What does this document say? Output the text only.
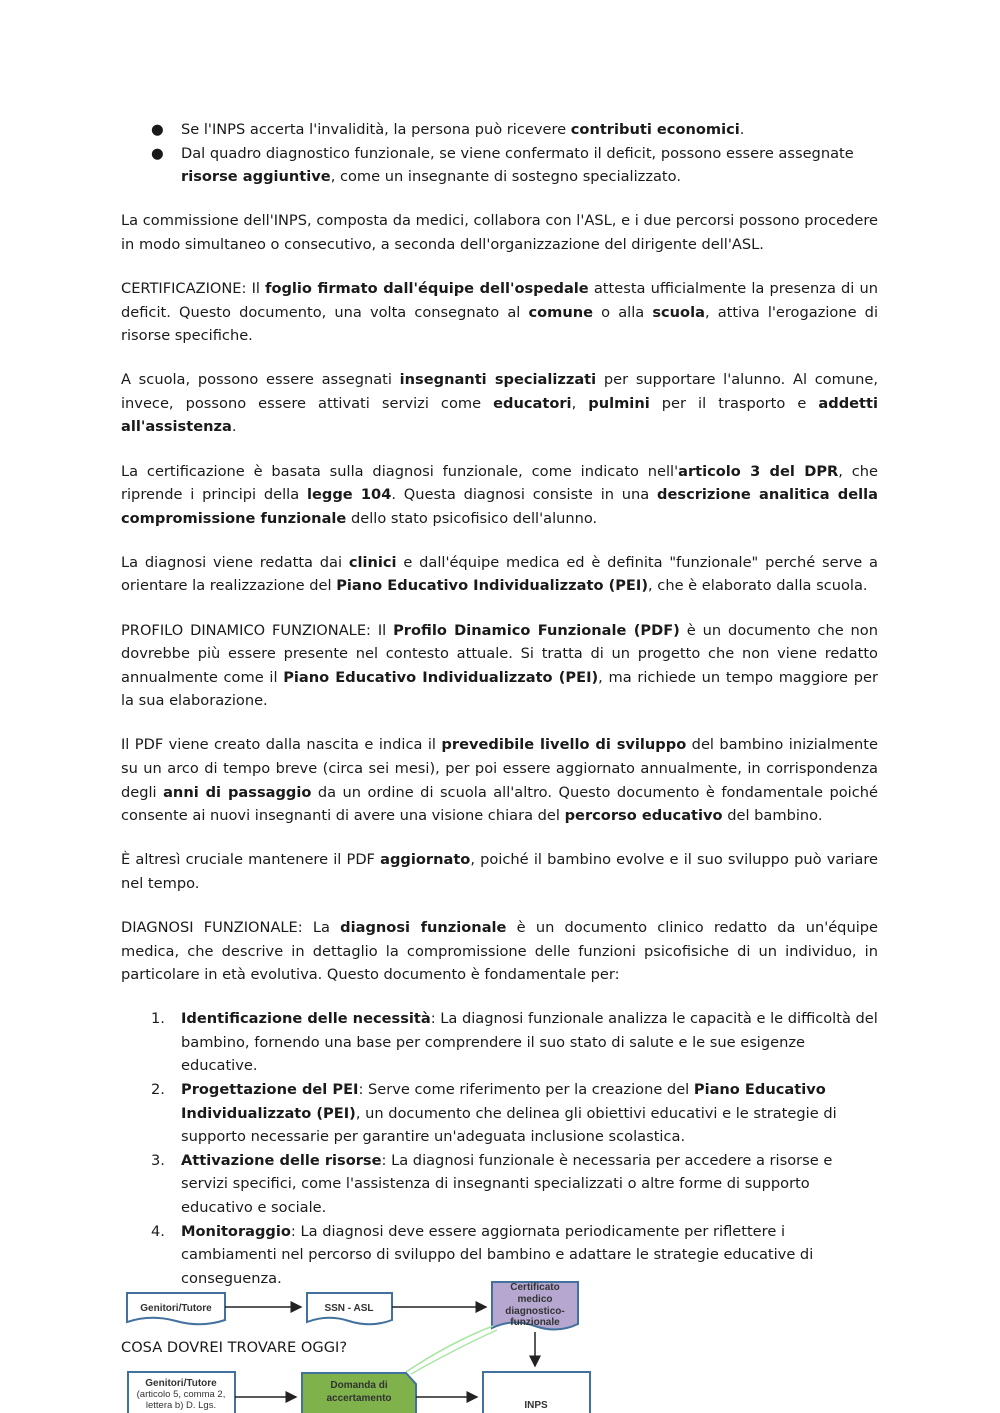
● Se l'INPS accerta l'invalidità, la persona può ricevere contributi economici.
● Dal quadro diagnostico funzionale, se viene confermato il deficit, possono essere assegnate risorse aggiuntive, come un insegnante di sostegno specializzato.

La commissione dell'INPS, composta da medici, collabora con l'ASL, e i due percorsi possono procedere in modo simultaneo o consecutivo, a seconda dell'organizzazione del dirigente dell'ASL.

CERTIFICAZIONE: Il foglio firmato dall'équipe dell'ospedale attesta ufficialmente la presenza di un deficit. Questo documento, una volta consegnato al comune o alla scuola, attiva l'erogazione di risorse specifiche.

A scuola, possono essere assegnati insegnanti specializzati per supportare l'alunno. Al comune, invece, possono essere attivati servizi come educatori, pulmini per il trasporto e addetti all'assistenza.

La certificazione è basata sulla diagnosi funzionale, come indicato nell'articolo 3 del DPR, che riprende i principi della legge 104. Questa diagnosi consiste in una descrizione analitica della compromissione funzionale dello stato psicofisico dell'alunno.

La diagnosi viene redatta dai clinici e dall'équipe medica ed è definita "funzionale" perché serve a orientare la realizzazione del Piano Educativo Individualizzato (PEI), che è elaborato dalla scuola.

PROFILO DINAMICO FUNZIONALE: Il Profilo Dinamico Funzionale (PDF) è un documento che non dovrebbe più essere presente nel contesto attuale. Si tratta di un progetto che non viene redatto annualmente come il Piano Educativo Individualizzato (PEI), ma richiede un tempo maggiore per la sua elaborazione.

Il PDF viene creato dalla nascita e indica il prevedibile livello di sviluppo del bambino inizialmente su un arco di tempo breve (circa sei mesi), per poi essere aggiornato annualmente, in corrispondenza degli anni di passaggio da un ordine di scuola all'altro. Questo documento è fondamentale poiché consente ai nuovi insegnanti di avere una visione chiara del percorso educativo del bambino.

È altresì cruciale mantenere il PDF aggiornato, poiché il bambino evolve e il suo sviluppo può variare nel tempo.

DIAGNOSI FUNZIONALE: La diagnosi funzionale è un documento clinico redatto da un'équipe medica, che descrive in dettaglio la compromissione delle funzioni psicofisiche di un individuo, in particolare in età evolutiva. Questo documento è fondamentale per:

1. Identificazione delle necessità: La diagnosi funzionale analizza le capacità e le difficoltà del bambino, fornendo una base per comprendere il suo stato di salute e le sue esigenze educative.
2. Progettazione del PEI: Serve come riferimento per la creazione del Piano Educativo Individualizzato (PEI), un documento che delinea gli obiettivi educativi e le strategie di supporto necessarie per garantire un'adeguata inclusione scolastica.
3. Attivazione delle risorse: La diagnosi funzionale è necessaria per accedere a risorse e servizi specifici, come l'assistenza di insegnanti specializzati o altre forme di supporto educativo e sociale.
4. Monitoraggio: La diagnosi deve essere aggiornata periodicamente per riflettere i cambiamenti nel percorso di sviluppo del bambino e adattare le strategie educative di conseguenza.

COSA DOVREI TROVARE OGGI?

Genitori/Tutore	SSN - ASL
Certificato
medico
diagnostico-
funzionale
Genitori/Tutore
(articolo 5, comma 2,
lettera b) D. Lgs.
Domanda di
accertamento
INPS
